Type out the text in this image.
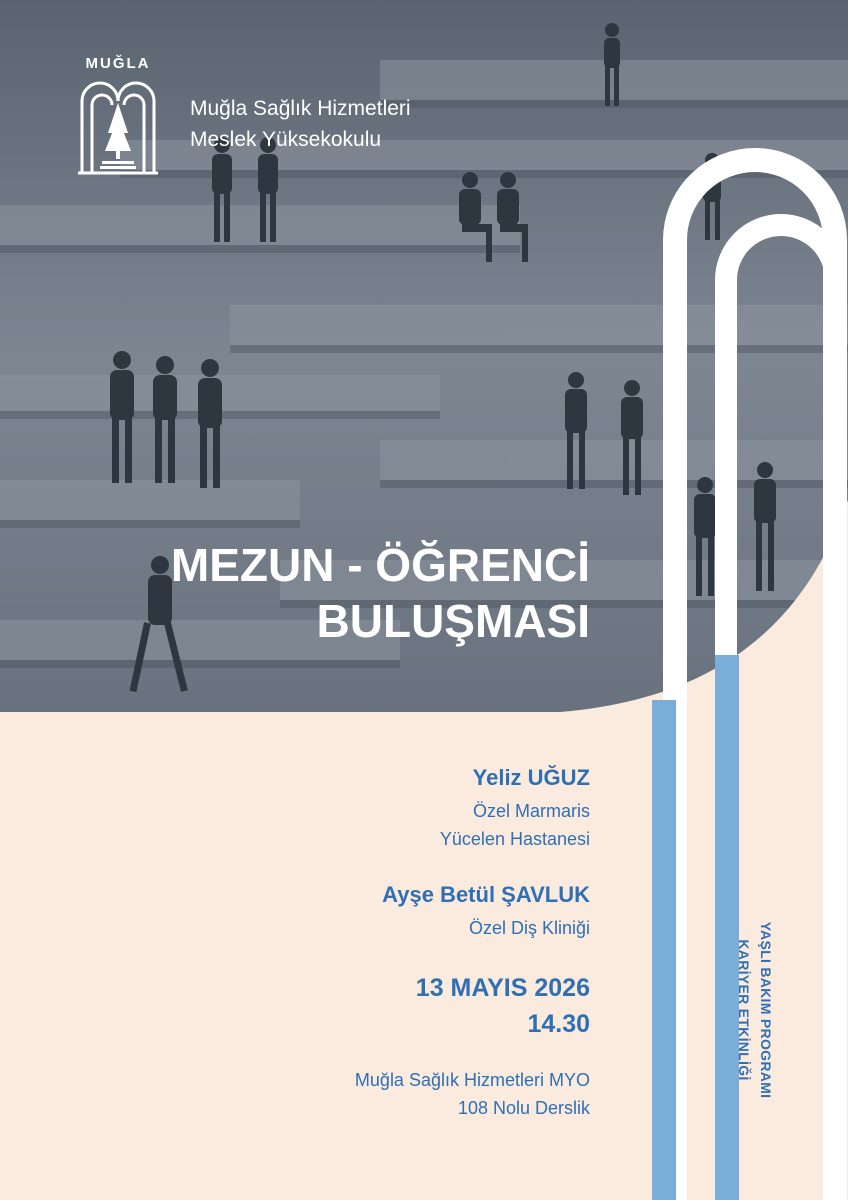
MUĞLA
Muğla Sağlık Hizmetleri
Meslek Yüksekokulu
MEZUN - ÖĞRENCİ
BULUŞMASI
Yeliz UĞUZ
Özel Marmaris
Yücelen Hastanesi
Ayşe Betül ŞAVLUK
Özel Diş Kliniği
13 MAYIS 2026
14.30
Muğla Sağlık Hizmetleri MYO
108 Nolu Derslik
YAŞLI BAKIM PROGRAMI
KARİYER ETKİNLİĞİ
